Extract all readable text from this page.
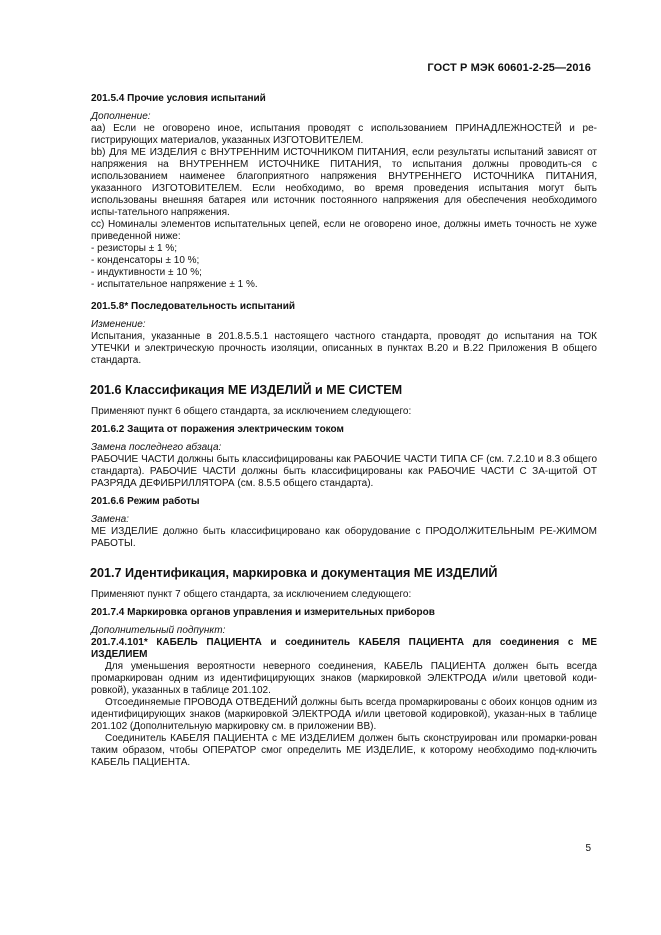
ГОСТ Р МЭК 60601-2-25—2016
201.5.4 Прочие условия испытаний

Дополнение:

аа) Если не оговорено иное, испытания проводят с использованием ПРИНАДЛЕЖНОСТЕЙ и ре-гистрирующих материалов, указанных ИЗГОТОВИТЕЛЕМ.

bb) Для МЕ ИЗДЕЛИЯ с ВНУТРЕННИМ ИСТОЧНИКОМ ПИТАНИЯ, если результаты испытаний зависят от напряжения на ВНУТРЕННЕМ ИСТОЧНИКЕ ПИТАНИЯ, то испытания должны проводить-ся с использованием наименее благоприятного напряжения ВНУТРЕННЕГО ИСТОЧНИКА ПИТАНИЯ, указанного ИЗГОТОВИТЕЛЕМ. Если необходимо, во время проведения испытания могут быть использованы внешняя батарея или источник постоянного напряжения для обеспечения необходимого испы-тательного напряжения.

сс) Номиналы элементов испытательных цепей, если не оговорено иное, должны иметь точность не хуже приведенной ниже:

- резисторы ± 1 %;

- конденсаторы ± 10 %;

- индуктивности ± 10 %;

- испытательное напряжение ± 1 %.

201.5.8* Последовательность испытаний

Изменение:

Испытания, указанные в 201.8.5.5.1 настоящего частного стандарта, проводят до испытания на ТОК УТЕЧКИ и электрическую прочность изоляции, описанных в пунктах В.20 и В.22 Приложения В общего стандарта.

201.6 Классификация МЕ ИЗДЕЛИЙ и МЕ СИСТЕМ

Применяют пункт 6 общего стандарта, за исключением следующего:

201.6.2 Защита от поражения электрическим током

Замена последнего абзаца:

РАБОЧИЕ ЧАСТИ должны быть классифицированы как РАБОЧИЕ ЧАСТИ ТИПА CF (см. 7.2.10 и 8.3 общего стандарта). РАБОЧИЕ ЧАСТИ должны быть классифицированы как РАБОЧИЕ ЧАСТИ С ЗА-щитой ОТ РАЗРЯДА ДЕФИБРИЛЛЯТОРА (см. 8.5.5 общего стандарта).

201.6.6 Режим работы

Замена:

МЕ ИЗДЕЛИЕ должно быть классифицировано как оборудование с ПРОДОЛЖИТЕЛЬНЫМ РЕ-ЖИМОМ РАБОТЫ.

201.7 Идентификация, маркировка и документация МЕ ИЗДЕЛИЙ

Применяют пункт 7 общего стандарта, за исключением следующего:

201.7.4 Маркировка органов управления и измерительных приборов

Дополнительный подпункт:

201.7.4.101* КАБЕЛЬ ПАЦИЕНТА и соединитель КАБЕЛЯ ПАЦИЕНТА для соединения с МЕ ИЗДЕЛИЕМ

Для уменьшения вероятности неверного соединения, КАБЕЛЬ ПАЦИЕНТА должен быть всегда промаркирован одним из идентифицирующих знаков (маркировкой ЭЛЕКТРОДА и/или цветовой коди-ровкой), указанных в таблице 201.102.

Отсоединяемые ПРОВОДА ОТВЕДЕНИЙ должны быть всегда промаркированы с обоих концов одним из идентифицирующих знаков (маркировкой ЭЛЕКТРОДА и/или цветовой кодировкой), указан-ных в таблице 201.102 (Дополнительную маркировку см. в приложении ВВ).

Соединитель КАБЕЛЯ ПАЦИЕНТА с МЕ ИЗДЕЛИЕМ должен быть сконструирован или промарки-рован таким образом, чтобы ОПЕРАТОР смог определить МЕ ИЗДЕЛИЕ, к которому необходимо под-ключить КАБЕЛЬ ПАЦИЕНТА.

5
